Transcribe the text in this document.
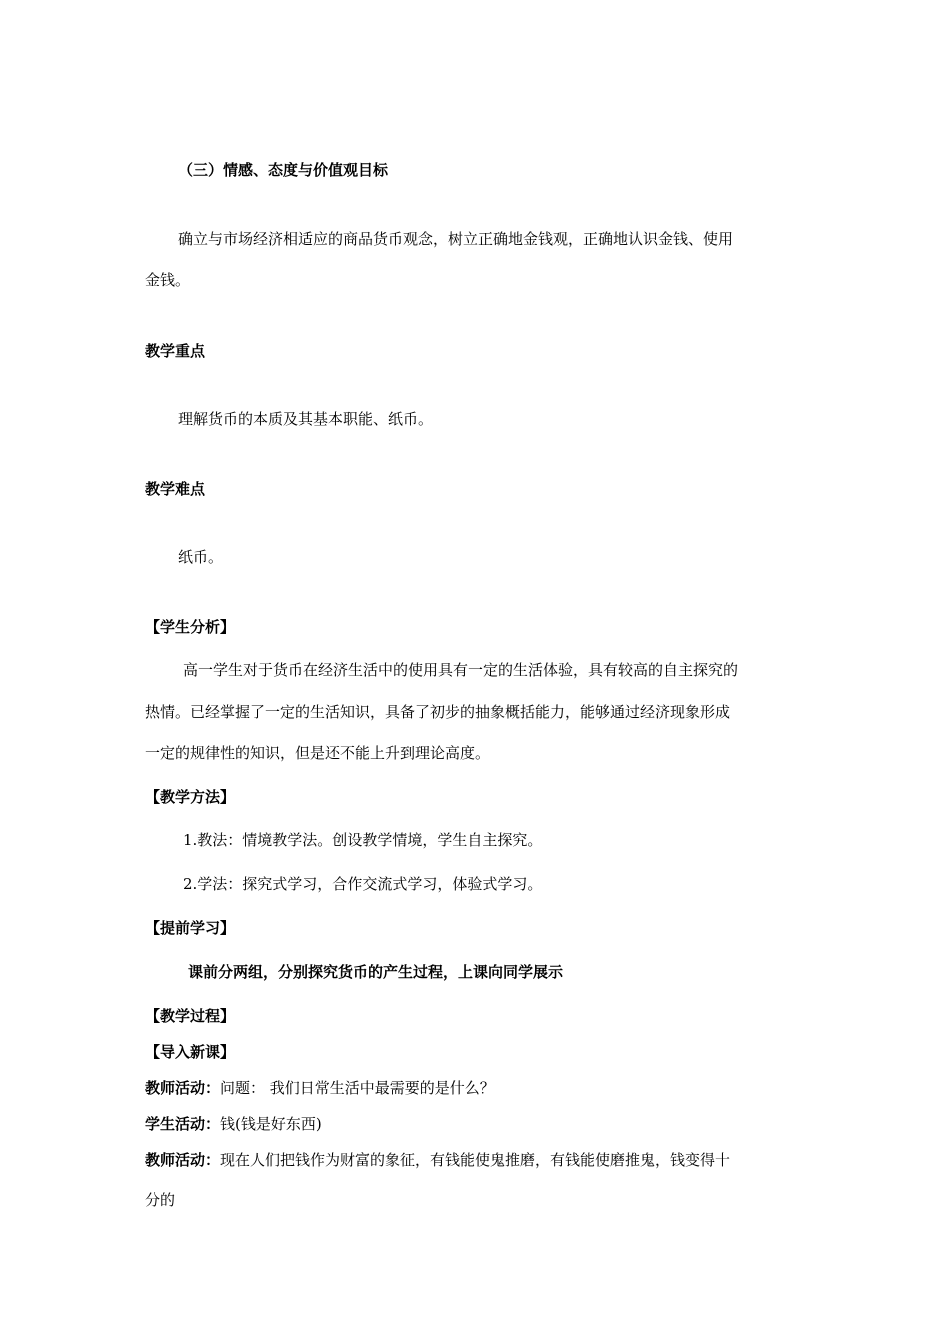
（三）情感、态度与价值观目标
确立与市场经济相适应的商品货币观念，树立正确地金钱观，正确地认识金钱、使用
金钱。
教学重点
理解货币的本质及其基本职能、纸币。
教学难点
纸币。
【学生分析】
高一学生对于货币在经济生活中的使用具有一定的生活体验，具有较高的自主探究的
热情。已经掌握了一定的生活知识，具备了初步的抽象概括能力，能够通过经济现象形成
一定的规律性的知识，但是还不能上升到理论高度。
【教学方法】
1.教法：情境教学法。创设教学情境，学生自主探究。
2.学法：探究式学习，合作交流式学习，体验式学习。
【提前学习】
课前分两组，分别探究货币的产生过程，上课向同学展示
【教学过程】
【导入新课】
教师活动：问题： 我们日常生活中最需要的是什么？
学生活动：钱(钱是好东西)
教师活动：现在人们把钱作为财富的象征，有钱能使鬼推磨，有钱能使磨推鬼，钱变得十
分的
